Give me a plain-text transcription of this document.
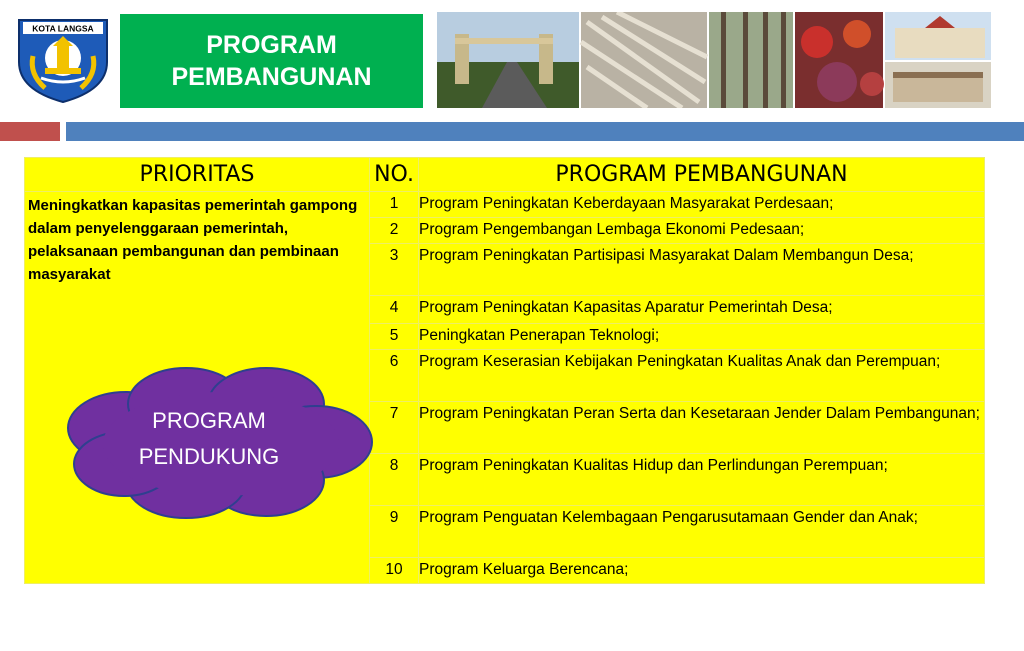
KOTA LANGSA
PROGRAM
PEMBANGUNAN
PRIORITAS	NO.	PROGRAM PEMBANGUNAN

Meningkatkan kapasitas pemerintah gampong dalam penyelenggaraan pemerintah, pelaksanaan pembangunan dan pembinaan masyarakat	1	Program Peningkatan Keberdayaan Masyarakat Perdesaan;
	2	Program Pengembangan Lembaga Ekonomi Pedesaan;
	3	Program Peningkatan Partisipasi Masyarakat Dalam Membangun Desa;
	4	Program Peningkatan Kapasitas Aparatur Pemerintah Desa;
	5	Peningkatan Penerapan Teknologi;
	6	Program Keserasian Kebijakan Peningkatan Kualitas Anak dan Perempuan;
	7	Program Peningkatan Peran Serta dan Kesetaraan Jender Dalam Pembangunan;
	8	Program Peningkatan Kualitas Hidup dan Perlindungan Perempuan;
	9	Program Penguatan Kelembagaan Pengarusutamaan Gender dan Anak;
	10	Program Keluarga Berencana;
PROGRAM
PENDUKUNG
